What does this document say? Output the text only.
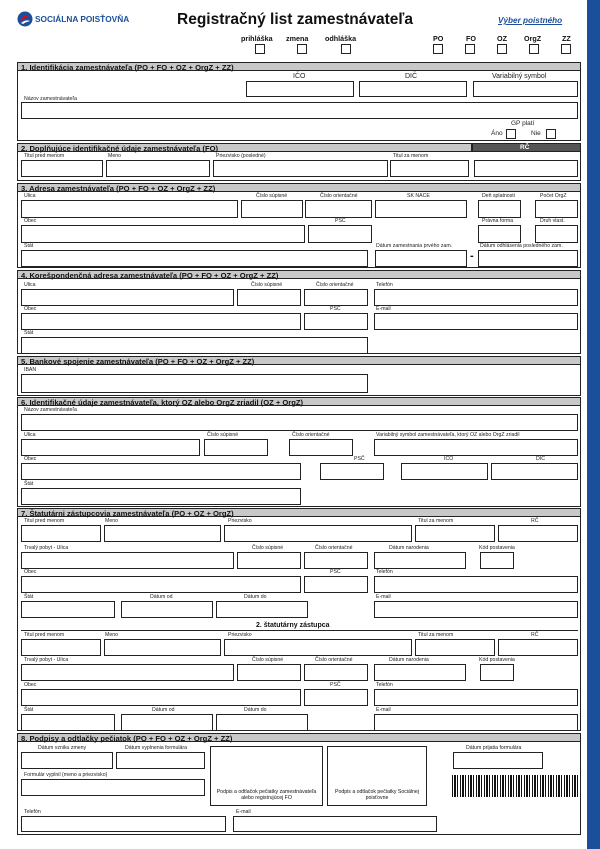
SOCIÁLNA POISŤOVŇA	Registračný list zamestnávateľa	Výber poistného
prihláška zmena odhláška	PO	FO	OZ OrgZ	ZZ
1. Identifikácia zamestnávateľa (PO + FO + OZ + OrgZ + ZZ)
IČO	DIČ	Variabilný symbol
Názov zamestnávateľa
GP platí
Áno	Nie
2. Doplňujúce identifikačné údaje zamestnávateľa (FO)	RČ
Titul pred menom	Meno	Priezvisko (posledné)	Titul za menom
3. Adresa zamestnávateľa (PO + FO + OZ + OrgZ + ZZ)
Ulica	Číslo súpisné	Číslo orientačné	SK NACE	Deň splatnosti	Počet OrgZ
Obec	PSČ	Právna forma	Druh vlast.
Štát	Dátum zamestnania prvého zam.	Dátum odhlásenia posledného zam.
-
4. Korešpondenčná adresa zamestnávateľa (PO + FO + OZ + OrgZ + ZZ)
Ulica	Číslo súpisné	Číslo orientačné	Telefón
Obec	PSČ	E-mail
Štát
5. Bankové spojenie zamestnávateľa (PO + FO + OZ + OrgZ + ZZ)
IBAN
6. Identifikačné údaje zamestnávateľa, ktorý OZ alebo OrgZ zriadil (OZ + OrgZ)
Názov zamestnávateľa
Ulica	Číslo súpisné	Číslo orientačné	Variabilný symbol zamestnávateľa, ktorý OZ alebo OrgZ zriadil
Obec	PSČ	IČO	DIČ
Štát
7. Štatutárni zástupcovia zamestnávateľa (PO + OZ + OrgZ)
Titul pred menom	Meno	Priezvisko	Titul za menom	RČ
Trvalý pobyt - Ulica	Číslo súpisné	Číslo orientačné	Dátum narodenia	Kód postavenia
Obec	PSČ	Telefón
Štát	Dátum od	Dátum do	E-mail
2. štatutárny zástupca
Titul pred menom	Meno	Priezvisko	Titul za menom	RČ
Trvalý pobyt - Ulica	Číslo súpisné	Číslo orientačné	Dátum narodenia	Kód postavenia
Obec	PSČ	Telefón
Štát	Dátum od	Dátum do	E-mail
8. Podpisy a odtlačky pečiatok (PO + FO + OZ + OrgZ + ZZ)
Dátum vzniku zmeny	Dátum vyplnenia formulára
Formulár vyplnil (meno a priezvisko)
Podpis a odtlačok pečiatky zamestnávateľa alebo registrujúcej FO
Podpis a odtlačok pečiatky Sociálnej poisťovne
Dátum prijatia formulára
Telefón	E-mail
